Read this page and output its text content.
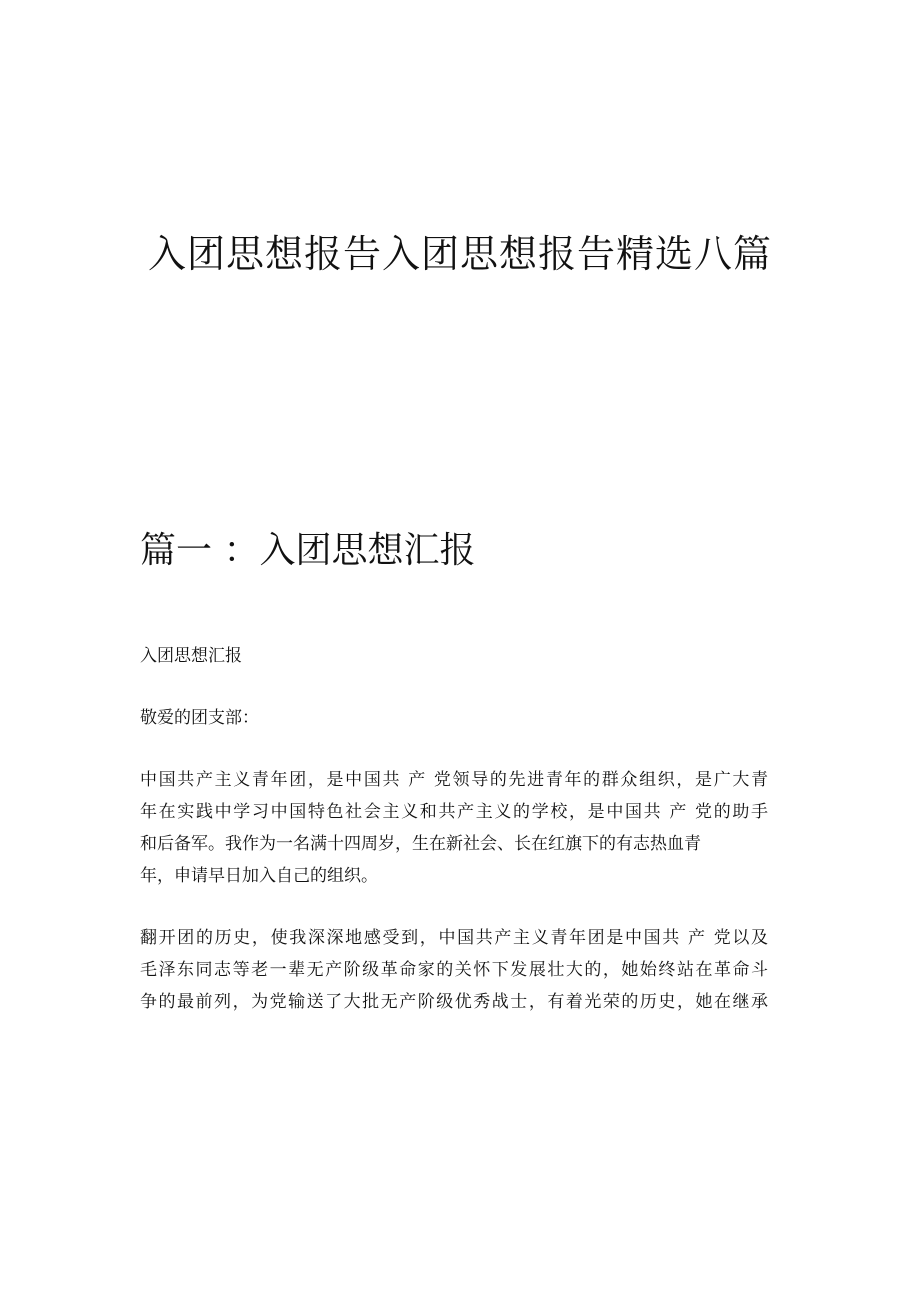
入团思想报告入团思想报告精选八篇
篇一 ：入团思想汇报
入团思想汇报
敬爱的团支部：
中国共产主义青年团，是中国共 产 党领导的先进青年的群众组织，是广大青
年在实践中学习中国特色社会主义和共产主义的学校，是中国共 产 党的助手
和后备军。我作为一名满十四周岁，生在新社会、长在红旗下的有志热血青
年，申请早日加入自己的组织。
翻开团的历史，使我深深地感受到，中国共产主义青年团是中国共 产 党以及
毛泽东同志等老一辈无产阶级革命家的关怀下发展壮大的，她始终站在革命斗
争的最前列，为党输送了大批无产阶级优秀战士，有着光荣的历史，她在继承
